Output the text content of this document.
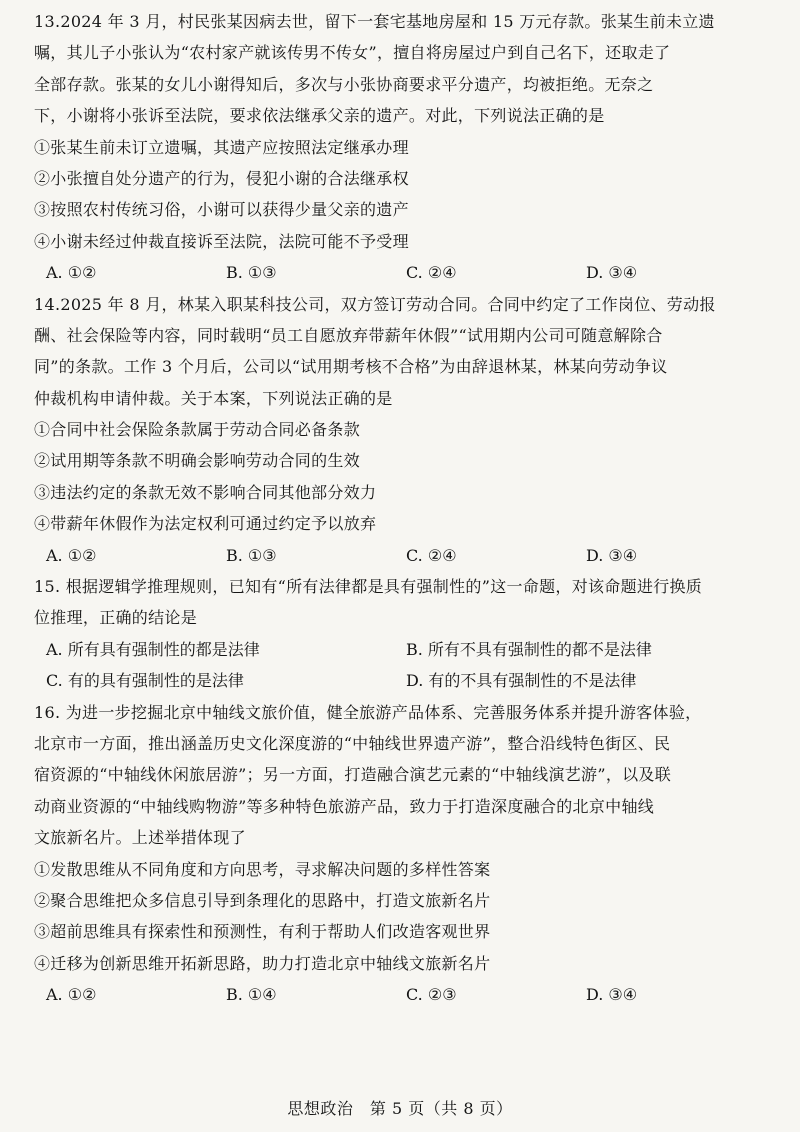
13.2024 年 3 月，村民张某因病去世，留下一套宅基地房屋和 15 万元存款。张某生前未立遗
嘱，其儿子小张认为“农村家产就该传男不传女”，擅自将房屋过户到自己名下，还取走了
全部存款。张某的女儿小谢得知后，多次与小张协商要求平分遗产，均被拒绝。无奈之
下，小谢将小张诉至法院，要求依法继承父亲的遗产。对此，下列说法正确的是
①张某生前未订立遗嘱，其遗产应按照法定继承办理
②小张擅自处分遗产的行为，侵犯小谢的合法继承权
③按照农村传统习俗，小谢可以获得少量父亲的遗产
④小谢未经过仲裁直接诉至法院，法院可能不予受理
A. ①②	B. ①③	C. ②④	D. ③④
14.2025 年 8 月，林某入职某科技公司，双方签订劳动合同。合同中约定了工作岗位、劳动报
酬、社会保险等内容，同时载明“员工自愿放弃带薪年休假”“试用期内公司可随意解除合
同”的条款。工作 3 个月后，公司以“试用期考核不合格”为由辞退林某，林某向劳动争议
仲裁机构申请仲裁。关于本案，下列说法正确的是
①合同中社会保险条款属于劳动合同必备条款
②试用期等条款不明确会影响劳动合同的生效
③违法约定的条款无效不影响合同其他部分效力
④带薪年休假作为法定权利可通过约定予以放弃
A. ①②	B. ①③	C. ②④	D. ③④
15. 根据逻辑学推理规则，已知有“所有法律都是具有强制性的”这一命题，对该命题进行换质
位推理，正确的结论是
A. 所有具有强制性的都是法律	B. 所有不具有强制性的都不是法律
C. 有的具有强制性的是法律	D. 有的不具有强制性的不是法律
16. 为进一步挖掘北京中轴线文旅价值，健全旅游产品体系、完善服务体系并提升游客体验，
北京市一方面，推出涵盖历史文化深度游的“中轴线世界遗产游”，整合沿线特色街区、民
宿资源的“中轴线休闲旅居游”；另一方面，打造融合演艺元素的“中轴线演艺游”，以及联
动商业资源的“中轴线购物游”等多种特色旅游产品，致力于打造深度融合的北京中轴线
文旅新名片。上述举措体现了
①发散思维从不同角度和方向思考，寻求解决问题的多样性答案
②聚合思维把众多信息引导到条理化的思路中，打造文旅新名片
③超前思维具有探索性和预测性，有利于帮助人们改造客观世界
④迁移为创新思维开拓新思路，助力打造北京中轴线文旅新名片
A. ①②	B. ①④	C. ②③	D. ③④
思想政治　第 5 页（共 8 页）
